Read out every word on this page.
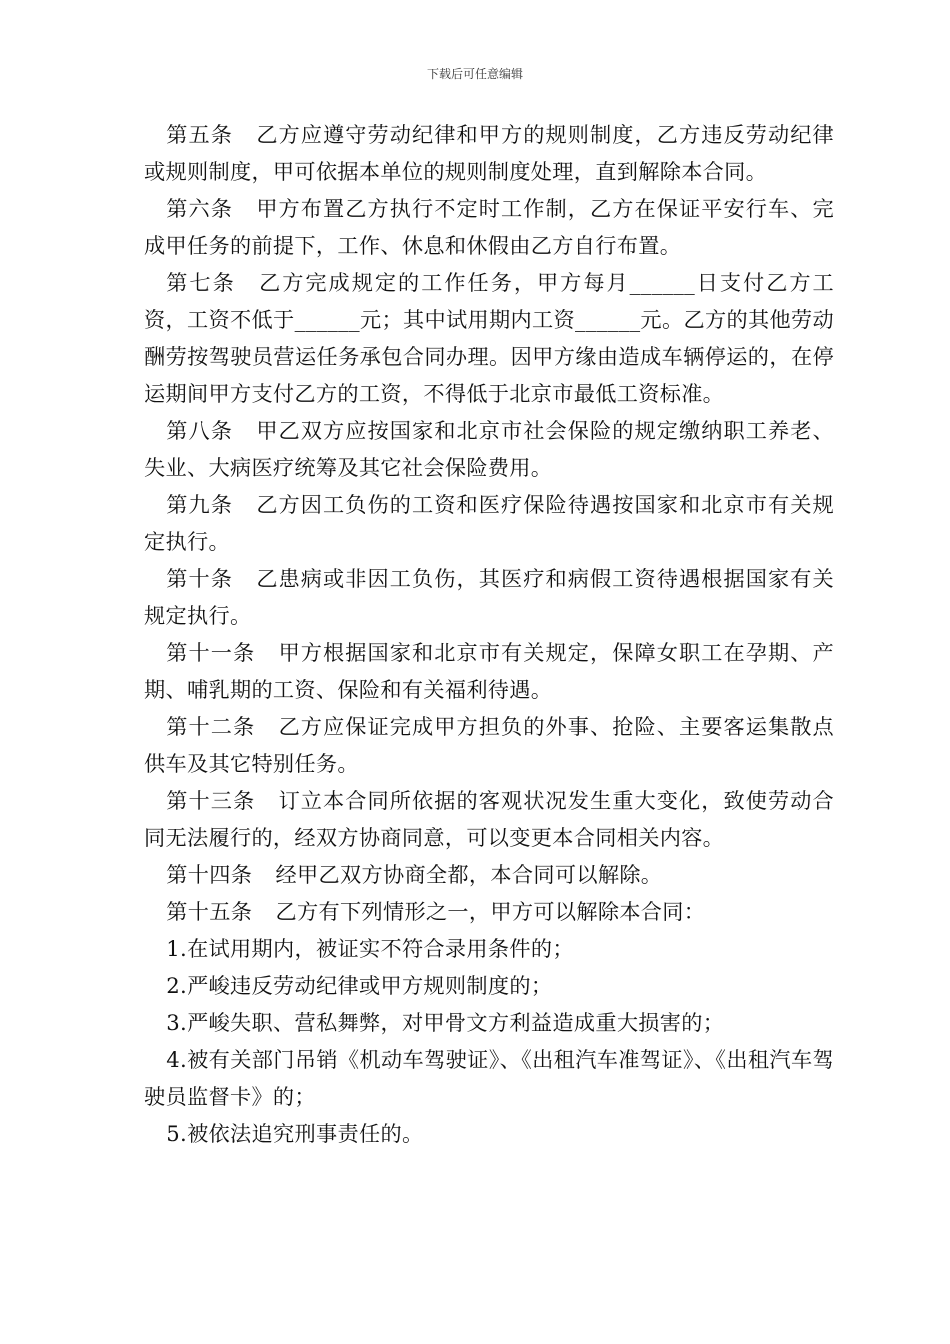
下载后可任意编辑

第五条 乙方应遵守劳动纪律和甲方的规则制度，乙方违反劳动纪律或规则制度，甲可依据本单位的规则制度处理，直到解除本合同。

第六条 甲方布置乙方执行不定时工作制，乙方在保证平安行车、完成甲任务的前提下，工作、休息和休假由乙方自行布置。

第七条 乙方完成规定的工作任务，甲方每月______日支付乙方工资，工资不低于______元；其中试用期内工资______元。乙方的其他劳动酬劳按驾驶员营运任务承包合同办理。因甲方缘由造成车辆停运的，在停运期间甲方支付乙方的工资，不得低于北京市最低工资标准。

第八条 甲乙双方应按国家和北京市社会保险的规定缴纳职工养老、失业、大病医疗统筹及其它社会保险费用。

第九条 乙方因工负伤的工资和医疗保险待遇按国家和北京市有关规定执行。

第十条 乙患病或非因工负伤，其医疗和病假工资待遇根据国家有关规定执行。

第十一条 甲方根据国家和北京市有关规定，保障女职工在孕期、产期、哺乳期的工资、保险和有关福利待遇。

第十二条 乙方应保证完成甲方担负的外事、抢险、主要客运集散点供车及其它特别任务。

第十三条 订立本合同所依据的客观状况发生重大变化，致使劳动合同无法履行的，经双方协商同意，可以变更本合同相关内容。

第十四条 经甲乙双方协商全都，本合同可以解除。

第十五条 乙方有下列情形之一，甲方可以解除本合同：

1.在试用期内，被证实不符合录用条件的；

2.严峻违反劳动纪律或甲方规则制度的；

3.严峻失职、营私舞弊，对甲骨文方利益造成重大损害的；

4.被有关部门吊销《机动车驾驶证》、《出租汽车准驾证》、《出租汽车驾驶员监督卡》的；

5.被依法追究刑事责任的。
